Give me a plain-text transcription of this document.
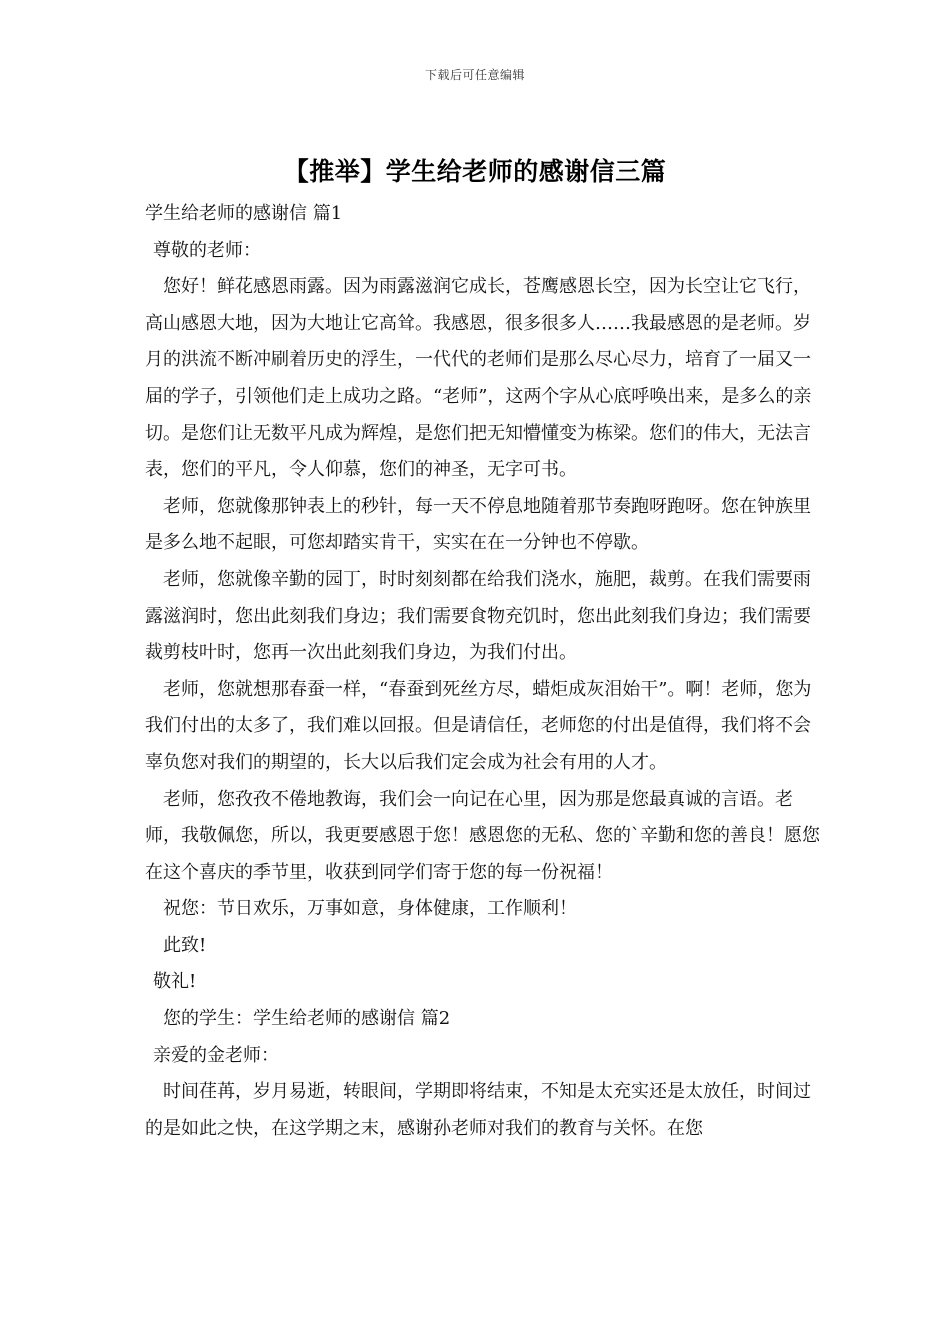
下载后可任意编辑
【推举】学生给老师的感谢信三篇

学生给老师的感谢信 篇1

尊敬的老师：

您好！鲜花感恩雨露。因为雨露滋润它成长，苍鹰感恩长空，因为长空让它飞行，高山感恩大地，因为大地让它高耸。我感恩，很多很多人……我最感恩的是老师。岁月的洪流不断冲刷着历史的浮生，一代代的老师们是那么尽心尽力，培育了一届又一届的学子，引领他们走上成功之路。“老师”，这两个字从心底呼唤出来，是多么的亲切。是您们让无数平凡成为辉煌，是您们把无知懵懂变为栋梁。您们的伟大，无法言表，您们的平凡，令人仰慕，您们的神圣，无字可书。

老师，您就像那钟表上的秒针，每一天不停息地随着那节奏跑呀跑呀。您在钟族里是多么地不起眼，可您却踏实肯干，实实在在一分钟也不停歇。

老师，您就像辛勤的园丁，时时刻刻都在给我们浇水，施肥，裁剪。在我们需要雨露滋润时，您出此刻我们身边；我们需要食物充饥时，您出此刻我们身边；我们需要裁剪枝叶时，您再一次出此刻我们身边，为我们付出。

老师，您就想那春蚕一样，“春蚕到死丝方尽，蜡炬成灰泪始干”。啊！老师，您为我们付出的太多了，我们难以回报。但是请信任，老师您的付出是值得，我们将不会辜负您对我们的期望的，长大以后我们定会成为社会有用的人才。

老师，您孜孜不倦地教诲，我们会一向记在心里，因为那是您最真诚的言语。老师，我敬佩您，所以，我更要感恩于您！感恩您的无私、您的`辛勤和您的善良！愿您在这个喜庆的季节里，收获到同学们寄于您的每一份祝福！

祝您：节日欢乐，万事如意，身体健康，工作顺利！

此致!

敬礼!

您的学生：学生给老师的感谢信 篇2

亲爱的金老师：

时间荏苒，岁月易逝，转眼间，学期即将结束，不知是太充实还是太放任，时间过的是如此之快，在这学期之末，感谢孙老师对我们的教育与关怀。在您
